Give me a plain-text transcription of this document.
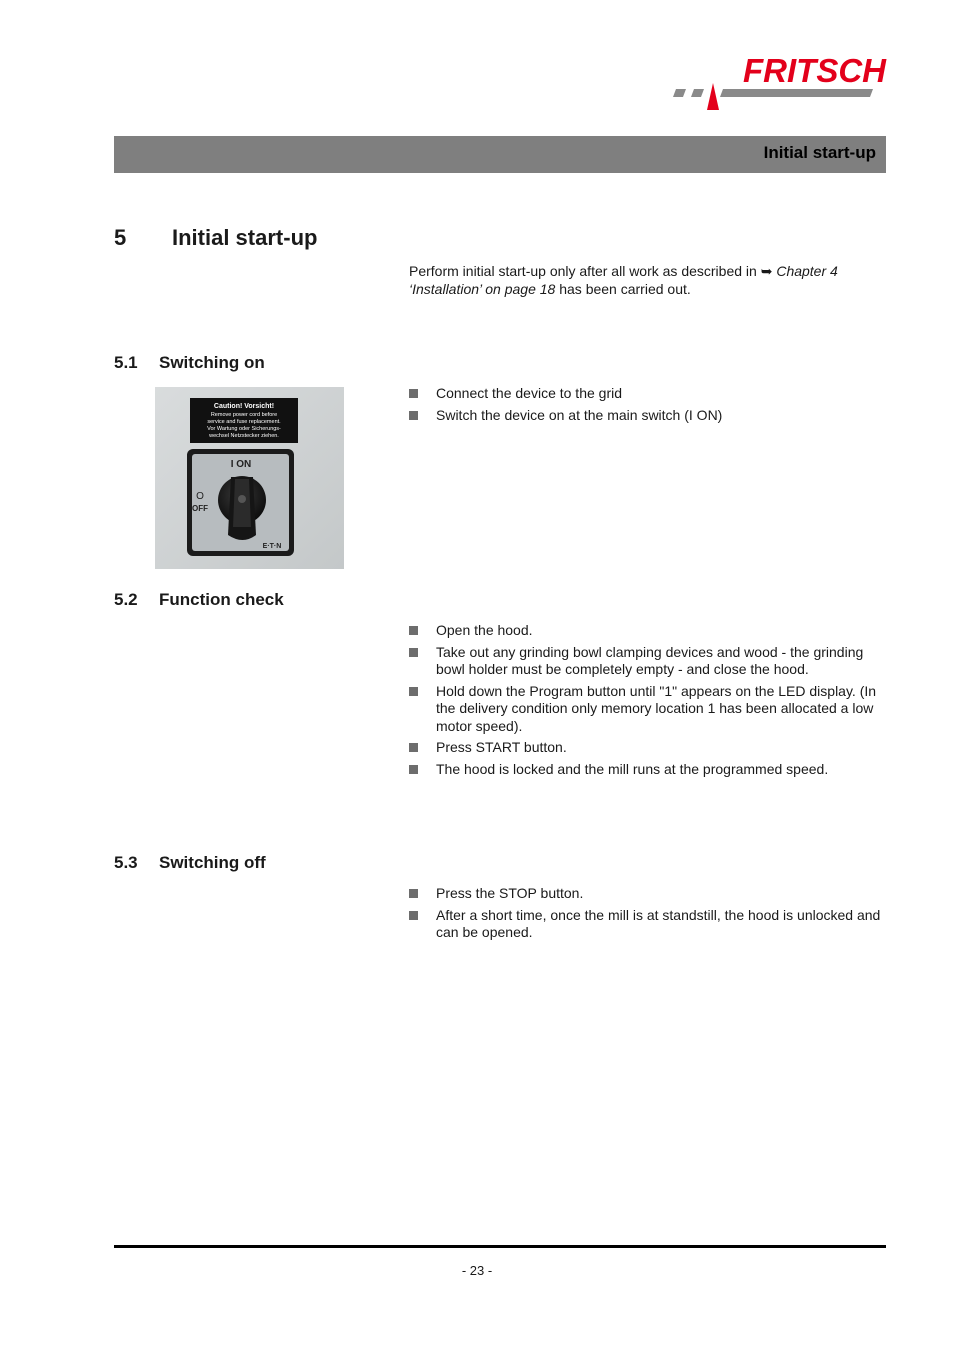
FRITSCH
Initial start-up
5 Initial start-up
Perform initial start-up only after all work as described in ➥ Chapter 4 ‘Installation’ on page 18 has been carried out.
5.1 Switching on
Caution! Vorsicht!
Remove power cord before
service and fuse replacement.
Vor Wartung oder Sicherungs-
wechsel Netzstecker ziehen.
I ON
O
OFF
E·T·N
Connect the device to the grid
Switch the device on at the main switch (I ON)
5.2 Function check
Open the hood.
Take out any grinding bowl clamping devices and wood - the grinding bowl holder must be completely empty - and close the hood.
Hold down the Program button until "1" appears on the LED display. (In the delivery condition only memory location 1 has been allocated a low motor speed).
Press START button.
The hood is locked and the mill runs at the programmed speed.
5.3 Switching off
Press the STOP button.
After a short time, once the mill is at standstill, the hood is unlocked and can be opened.
- 23 -
